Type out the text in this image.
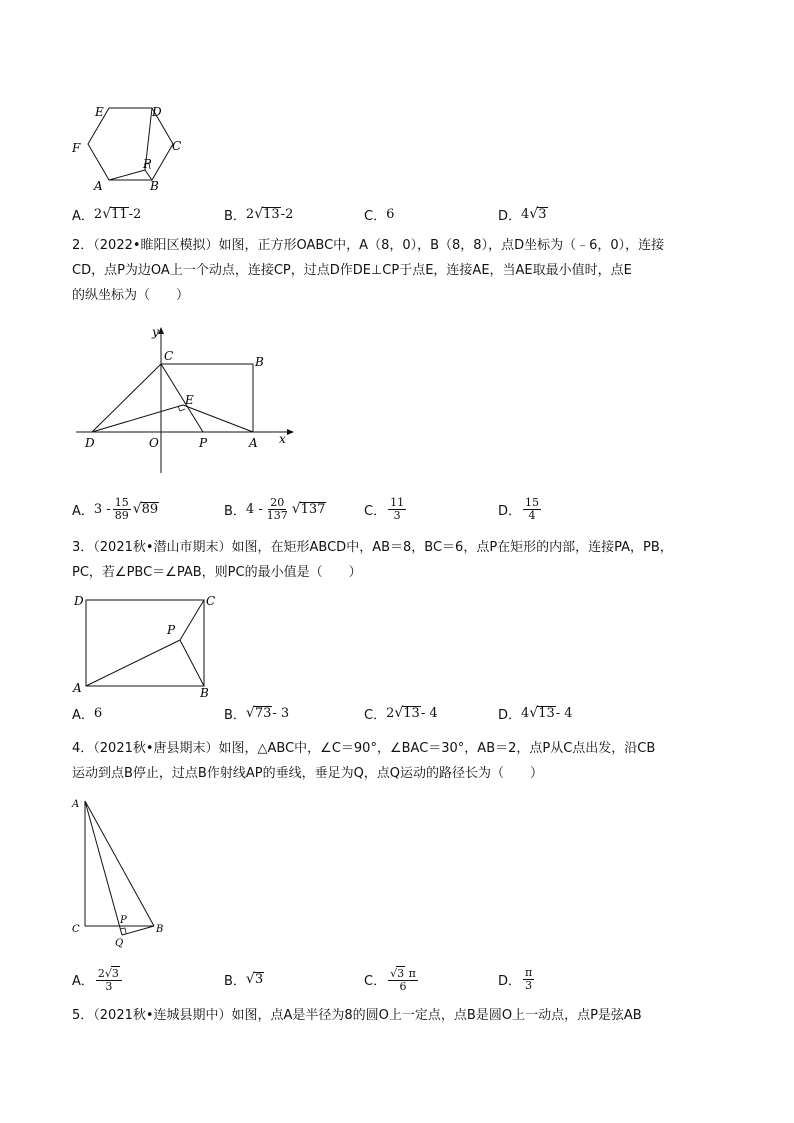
E	D
F	C
P
A	B
A． 2 √ 11 -2	B． 2 √ 13 -2	C． 6	D． 4 √ 3
2．（2022•睢阳区模拟）如图，正方形OABC中，A（8，0），B（8，8），点D坐标为（﹣6，0），连接
CD，点P为边OA上一个动点，连接CP，过点D作DE⊥CP于点E，连接AE，当AE取最小值时，点E
的纵坐标为（　　）
y
x
C	B
E
D	O	P	A
A． $3 - \frac{15}{89}$ √ 89	B． $4 - \frac{20}{137}$ √ 137	C． $\frac{11}{3}$	D． $\frac{15}{4}$
3．（2021秋•潜山市期末）如图，在矩形ABCD中，AB＝8，BC＝6，点P在矩形的内部，连接PA，PB，
PC，若∠PBC＝∠PAB，则PC的最小值是（　　）
D	C
P
A	B
A． 6	B． √ 73 - 3	C． 2 √ 13 - 4	D． 4 √ 13 - 4
4．（2021秋•唐县期末）如图，△ABC中，∠C＝90°，∠BAC＝30°，AB＝2，点P从C点出发，沿CB
运动到点B停止，过点B作射线AP的垂线，垂足为Q，点Q运动的路径长为（　　）
A
C
P
B
Q
A． $\frac{2√3}{3}$	B． √ 3	C． $\frac{√3 \pi}{6}$	D． $\frac{\pi}{3}$
5．（2021秋•连城县期中）如图，点A是半径为8的圆O上一定点，点B是圆O上一动点，点P是弦AB
